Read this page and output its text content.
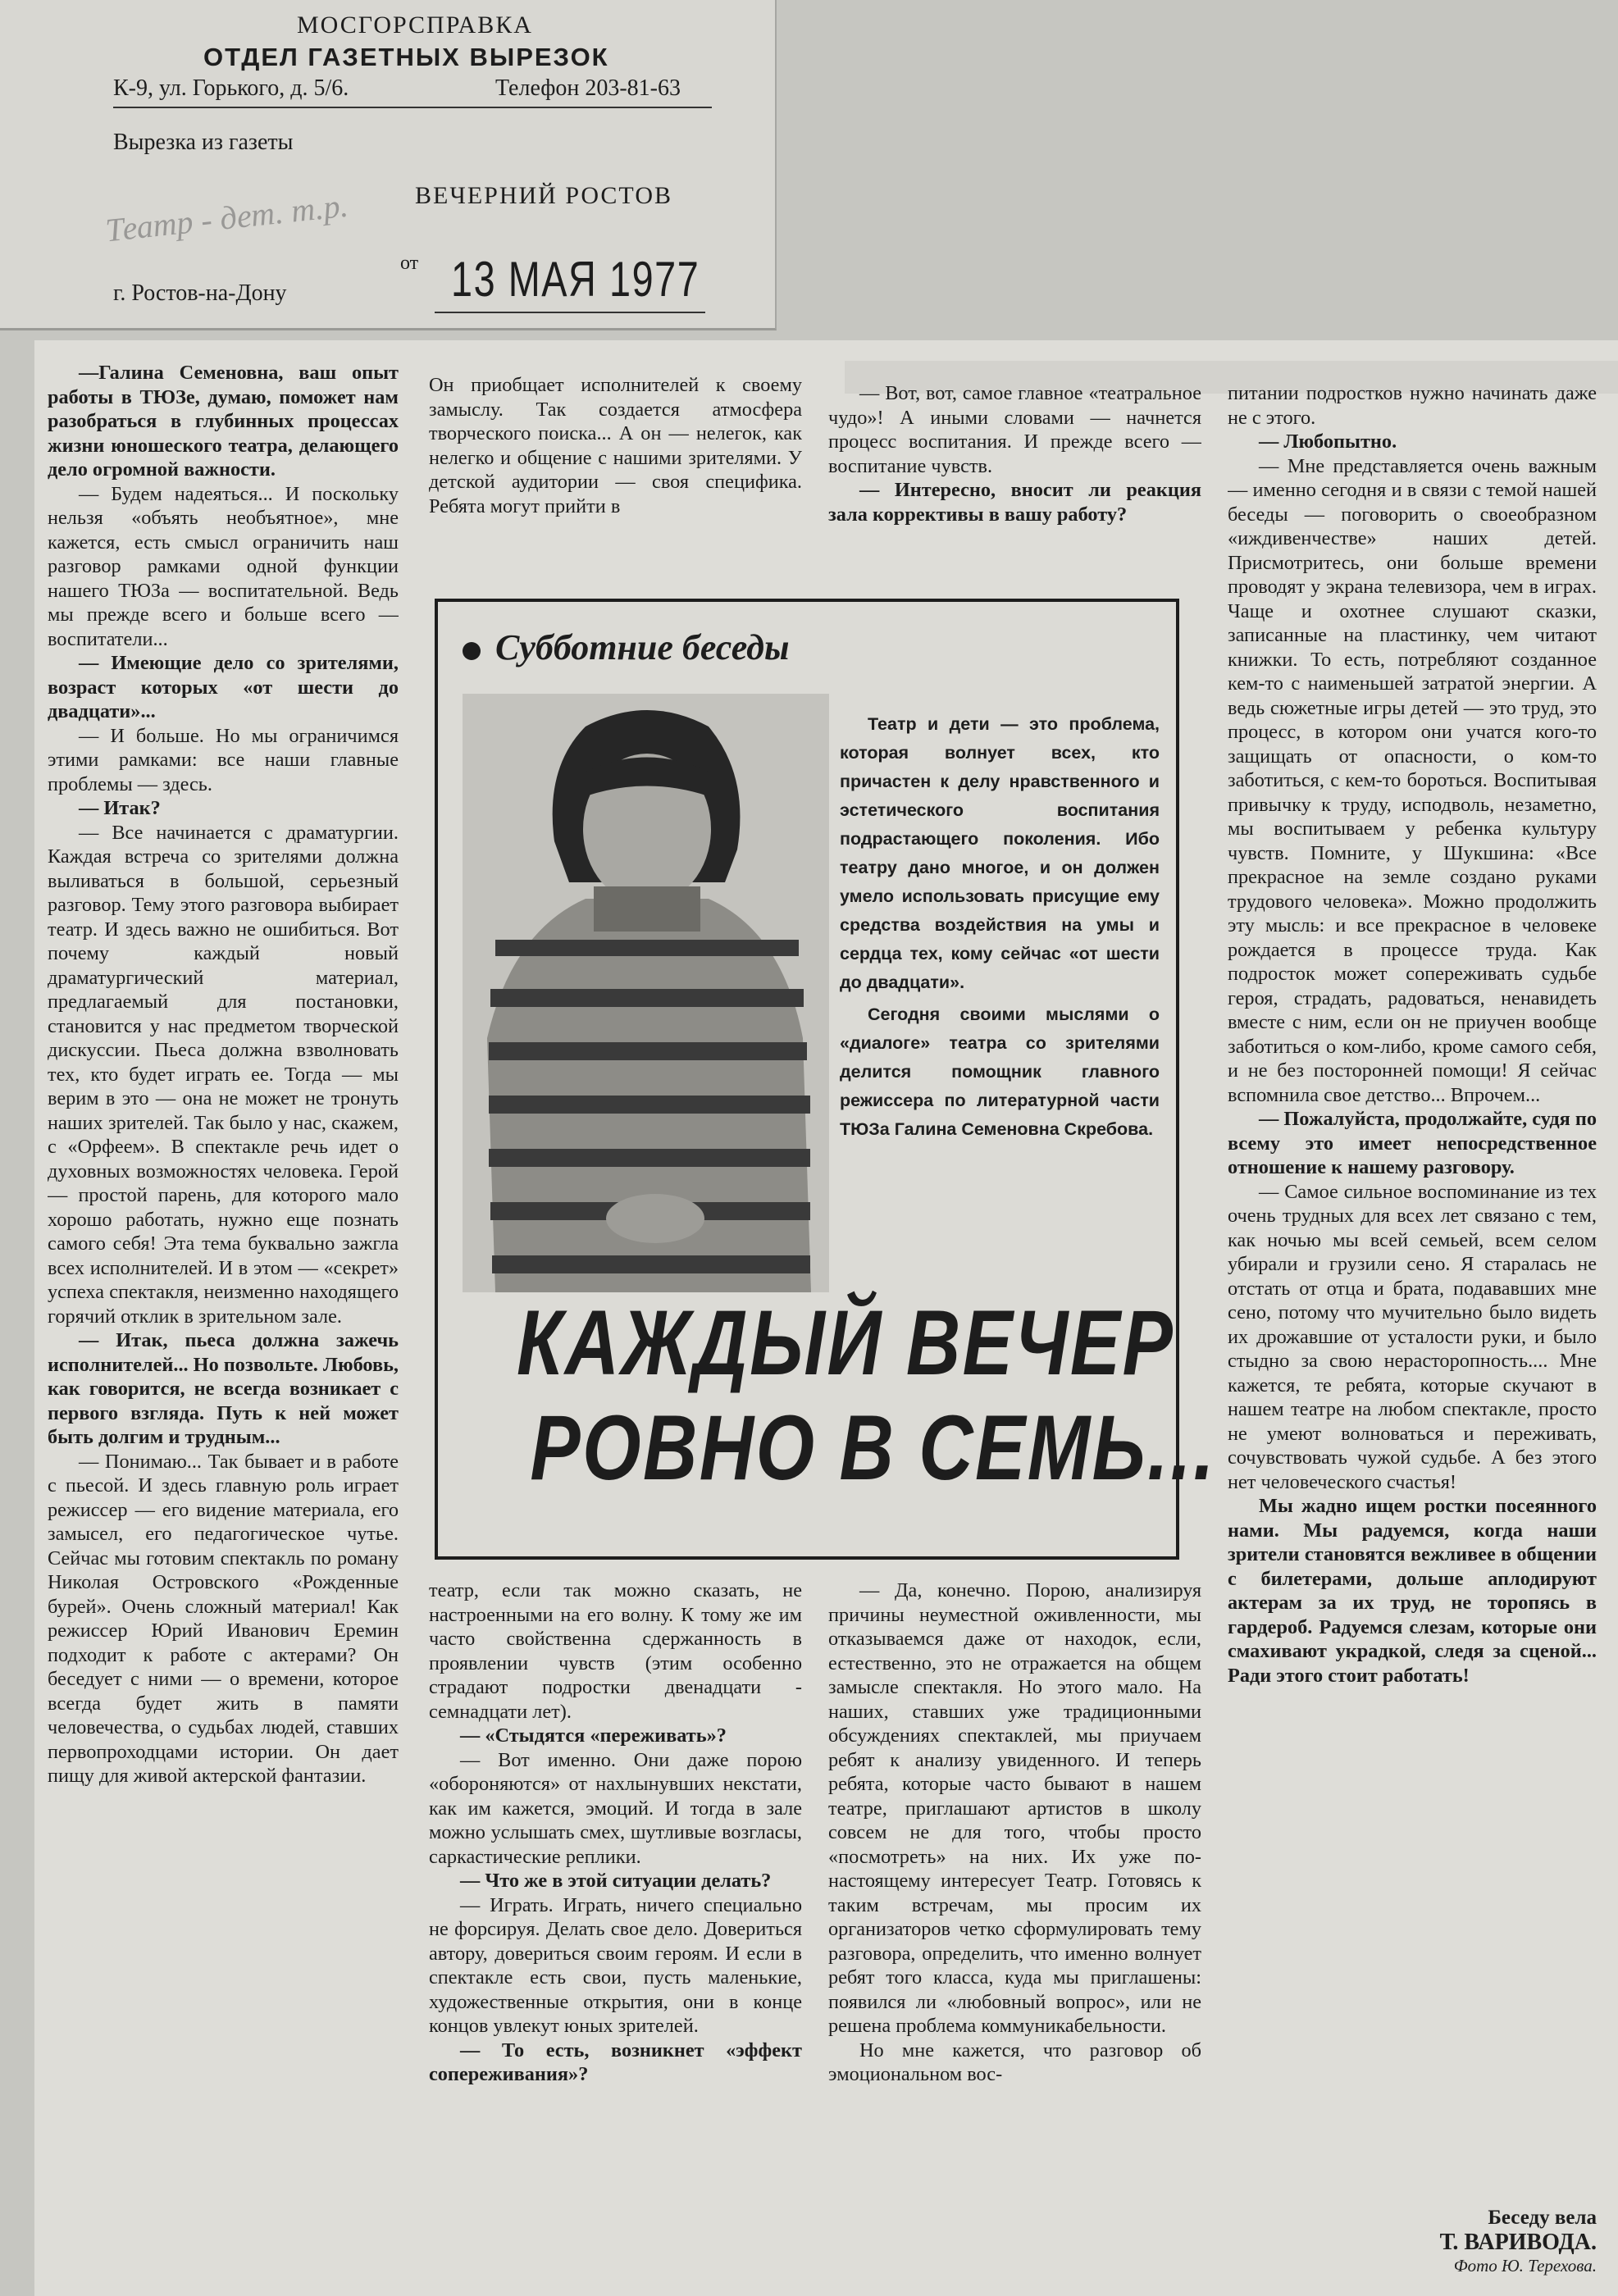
МОСГОРСПРАВКА
ОТДЕЛ ГАЗЕТНЫХ ВЫРЕЗОК
К-9, ул. Горького, д. 5/6.	Телефон 203-81-63
Вырезка из газеты
Театр - дет. т.р.	ВЕЧЕРНИЙ РОСТОВ
от 13 МАЯ 1977
г. Ростов-на-Дону

—Галина Семеновна, ваш опыт работы в ТЮЗе, думаю, поможет нам разобраться в глубинных процессах жизни юношеского театра, делающего дело огромной важности.

— Будем надеяться... И поскольку нельзя «объять необъятное», мне кажется, есть смысл ограничить наш разговор рамками одной функции нашего ТЮЗа — воспитательной. Ведь мы прежде всего и больше всего — воспитатели...

— Имеющие дело со зрителями, возраст которых «от шести до двадцати»...

— И больше. Но мы ограничимся этими рамками: все наши главные проблемы — здесь.

— Итак?

— Все начинается с драматургии. Каждая встреча со зрителями должна выливаться в большой, серьезный разговор. Тему этого разговора выбирает театр. И здесь важно не ошибиться. Вот почему каждый новый драматургический материал, предлагаемый для постановки, становится у нас предметом творческой дискуссии. Пьеса должна взволновать тех, кто будет играть ее. Тогда — мы верим в это — она не может не тронуть наших зрителей. Так было у нас, скажем, с «Орфеем». В спектакле речь идет о духовных возможностях человека. Герой — простой парень, для которого мало хорошо работать, нужно еще познать самого себя! Эта тема буквально зажгла всех исполнителей. И в этом — «секрет» успеха спектакля, неизменно находящего горячий отклик в зрительном зале.

— Итак, пьеса должна зажечь исполнителей... Но позвольте. Любовь, как говорится, не всегда возникает с первого взгляда. Путь к ней может быть долгим и трудным...

— Понимаю... Так бывает и в работе с пьесой. И здесь главную роль играет режиссер — его видение материала, его замысел, его педагогическое чутье. Сейчас мы готовим спектакль по роману Николая Островского «Рожденные бурей». Очень сложный материал! Как режиссер Юрий Иванович Еремин подходит к работе с актерами? Он беседует с ними — о времени, которое всегда будет жить в памяти человечества, о судьбах людей, ставших первопроходцами истории. Он дает пищу для живой актерской фантазии.

Он приобщает исполнителей к своему замыслу. Так создается атмосфера творческого поиска... А он — нелегок, как нелегко и общение с нашими зрителями. У детской аудитории — своя специфика. Ребята могут прийти в

— Вот, вот, самое главное «театральное чудо»! А иными словами — начнется процесс воспитания. И прежде всего — воспитание чувств.

— Интересно, вносит ли реакция зала коррективы в вашу работу?

Субботние беседы

Театр и дети — это проблема, которая волнует всех, кто причастен к делу нравственного и эстетического воспитания подрастающего поколения. Ибо театру дано многое, и он должен умело использовать присущие ему средства воздействия на умы и сердца тех, кому сейчас «от шести до двадцати».

Сегодня своими мыслями о «диалоге» театра со зрителями делится помощник главного режиссера по литературной части ТЮЗа Галина Семеновна Скребова.

КАЖДЫЙ ВЕЧЕР
РОВНО В СЕМЬ...

театр, если так можно сказать, не настроенными на его волну. К тому же им часто свойственна сдержанность в проявлении чувств (этим особенно страдают подростки двенадцати - семнадцати лет).

— «Стыдятся «переживать»?

— Вот именно. Они даже порою «обороняются» от нахлынувших некстати, как им кажется, эмоций. И тогда в зале можно услышать смех, шутливые возгласы, саркастические реплики.

— Что же в этой ситуации делать?

— Играть. Играть, ничего специально не форсируя. Делать свое дело. Довериться автору, довериться своим героям. И если в спектакле есть свои, пусть маленькие, художественные открытия, они в конце концов увлекут юных зрителей.

— То есть, возникнет «эффект сопереживания»?

— Да, конечно. Порою, анализируя причины неуместной оживленности, мы отказываемся даже от находок, если, естественно, это не отражается на общем замысле спектакля. Но этого мало. На наших, ставших уже традиционными обсуждениях спектаклей, мы приучаем ребят к анализу увиденного. И теперь ребята, которые часто бывают в нашем театре, приглашают артистов в школу совсем не для того, чтобы просто «посмотреть» на них. Их уже по-настоящему интересует Театр. Готовясь к таким встречам, мы просим их организаторов четко сформулировать тему разговора, определить, что именно волнует ребят того класса, куда мы приглашены: появился ли «любовный вопрос», или не решена проблема коммуникабельности.

Но мне кажется, что разговор об эмоциональном вос-

питании подростков нужно начинать даже не с этого.

— Любопытно.

— Мне представляется очень важным — именно сегодня и в связи с темой нашей беседы — поговорить о своеобразном «иждивенчестве» наших детей. Присмотритесь, они больше времени проводят у экрана телевизора, чем в играх. Чаще и охотнее слушают сказки, записанные на пластинку, чем читают книжки. То есть, потребляют созданное кем-то с наименьшей затратой энергии. А ведь сюжетные игры детей — это труд, это процесс, в котором они учатся кого-то защищать от опасности, о ком-то заботиться, с кем-то бороться. Воспитывая привычку к труду, исподволь, незаметно, мы воспитываем у ребенка культуру чувств. Помните, у Шукшина: «Все прекрасное на земле создано руками трудового человека». Можно продолжить эту мысль: и все прекрасное в человеке рождается в процессе труда. Как подросток может сопереживать судьбе героя, страдать, радоваться, ненавидеть вместе с ним, если он не приучен вообще заботиться о ком-либо, кроме самого себя, и не без посторонней помощи! Я сейчас вспомнила свое детство... Впрочем...

— Пожалуйста, продолжайте, судя по всему это имеет непосредственное отношение к нашему разговору.

— Самое сильное воспоминание из тех очень трудных для всех лет связано с тем, как ночью мы всей семьей, всем селом убирали и грузили сено. Я старалась не отстать от отца и брата, подававших мне сено, потому что мучительно было видеть их дрожавшие от усталости руки, и было стыдно за свою нерасторопность.... Мне кажется, те ребята, которые скучают в нашем театре на любом спектакле, просто не умеют волноваться и переживать, сочувствовать чужой судьбе. А без этого нет человеческого счастья!

Мы жадно ищем ростки посеянного нами. Мы радуемся, когда наши зрители становятся вежливее в общении с билетерами, дольше аплодируют актерам за их труд, не торопясь в гардероб. Радуемся слезам, которые они смахивают украдкой, следя за сценой... Ради этого стоит работать!

Беседу вела
Т. ВАРИВОДА.
Фото Ю. Терехова.
